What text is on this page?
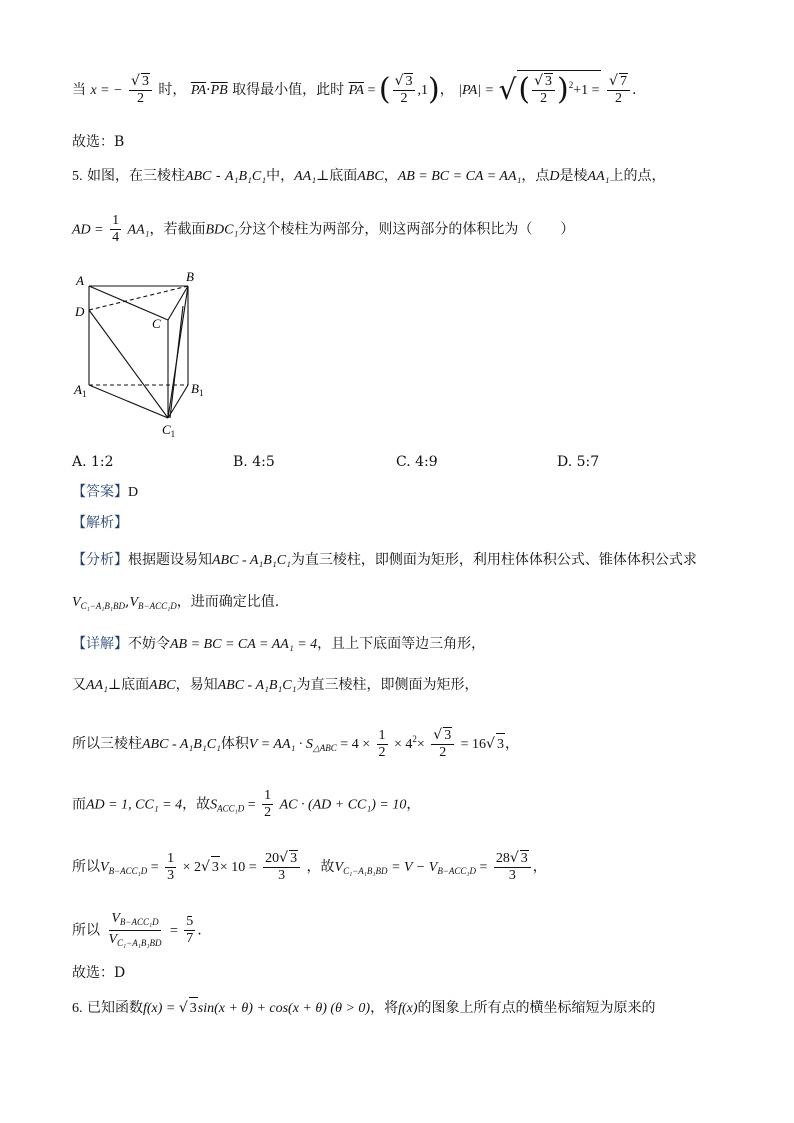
当 x = − $\frac{√ 3}{2}$ 时， $\overline{PA}\cdot\overline{PB}$ 取得最小值，此时 $\overline{PA}$ = ( $\frac{√ 3}{2} ,1$)， |PA| = √( $\frac{√ 3}{2} )^2+1 = \frac{√ 7}{2}$ .
故选：B
5. 如图，在三棱柱ABC - A₁B₁C₁中，AA₁⊥底面ABC，AB = BC = CA = AA₁，点D是棱AA₁上的点，
AD = $\frac{1}{4} AA_1$，若截面BDC₁分这个棱柱为两部分，则这两部分的体积比为（　　）
A	B
C
D
$A_1$	$B_1$
$C_1$
A. 1:2	B. 4:5	C. 4:9	D. 5:7
【答案】D
【解析】
【分析】根据题设易知ABC - A₁B₁C₁为直三棱柱，即侧面为矩形，利用柱体体积公式、锥体体积公式求
$V_{C_1-A_1B_1BD},V_{B-ACC_1D}$，进而确定比值.
【详解】不妨令AB = BC = CA = AA₁ = 4，且上下底面等边三角形，
又AA₁⊥底面ABC，易知ABC - A₁B₁C₁为直三棱柱，即侧面为矩形，
所以三棱柱ABC - A₁B₁C₁体积$V = AA_1 \cdot S_{\triangle ABC} = 4 \times \frac{1}{2} \times 4^2\times \frac{√ 3}{2} = 16√$ 3，
而AD = 1, CC₁ = 4，故$S_{ACC_1D} = \frac{1}{2}$ AC · (AD + CC₁) = 10，
所以$V_{B-ACC_1D} = \frac{1}{3} \times 2√$ $3\times 10 = \frac{20√ 3}{3}$ ，故$V_{C_1-A_1B_1BD} = V - V_{B-ACC_1D} = \frac{28√ 3}{3}$ ，
所以 $\frac{V_{B-ACC_1D}}{V_{C_1-A_1B_1BD}} = \frac{5}{7}$ .
故选：D
6. 已知函数f(x) = √ 3sin(x + θ) + cos(x + θ) (θ > 0)，将f(x)的图象上所有点的横坐标缩短为原来的
